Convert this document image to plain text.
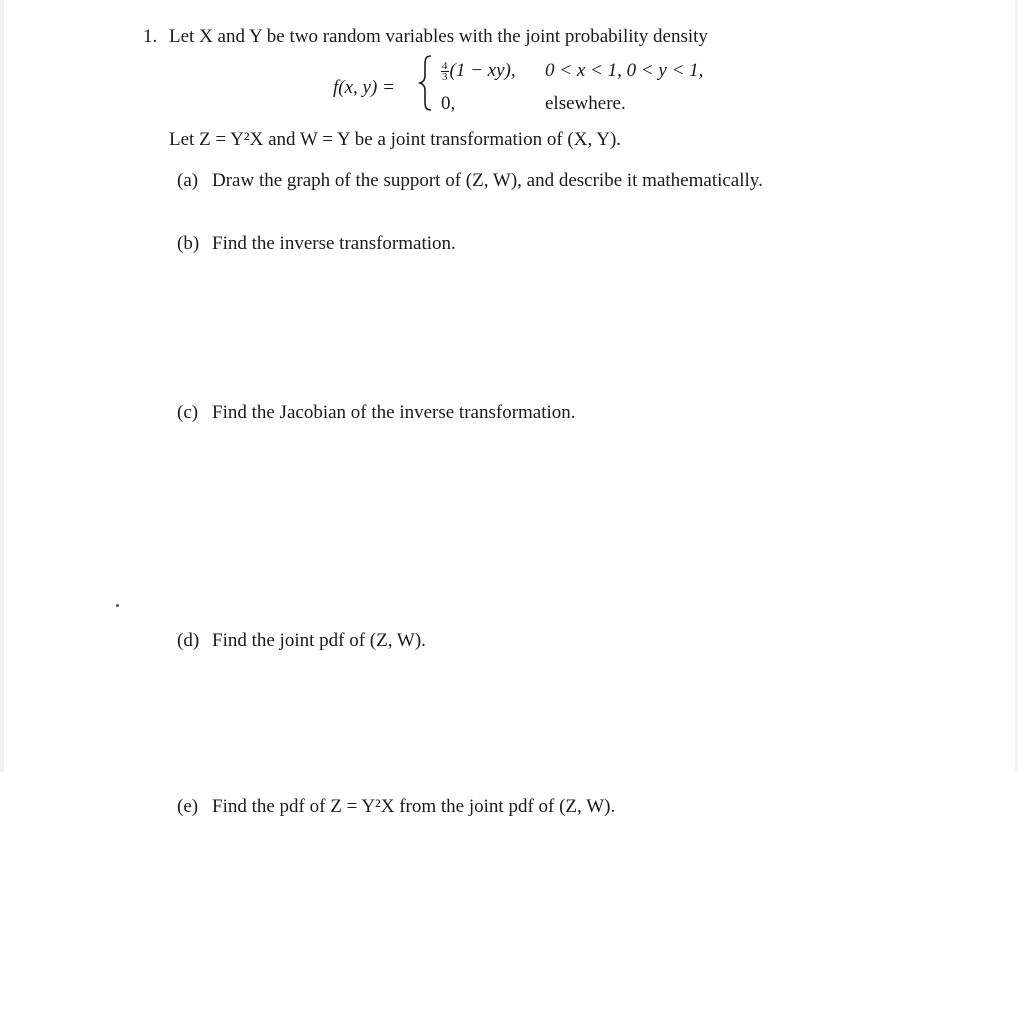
1. Let X and Y be two random variables with the joint probability density
f(x, y) =
$\frac{4}{3} (1 - xy)$, 0 < x < 1, 0 < y < 1,
0,	elsewhere.
Let Z = Y²X and W = Y be a joint transformation of (X, Y).
(a) Draw the graph of the support of (Z, W), and describe it mathematically.
(b) Find the inverse transformation.
(c) Find the Jacobian of the inverse transformation.
(d) Find the joint pdf of (Z, W).
(e) Find the pdf of Z = Y²X from the joint pdf of (Z, W).
